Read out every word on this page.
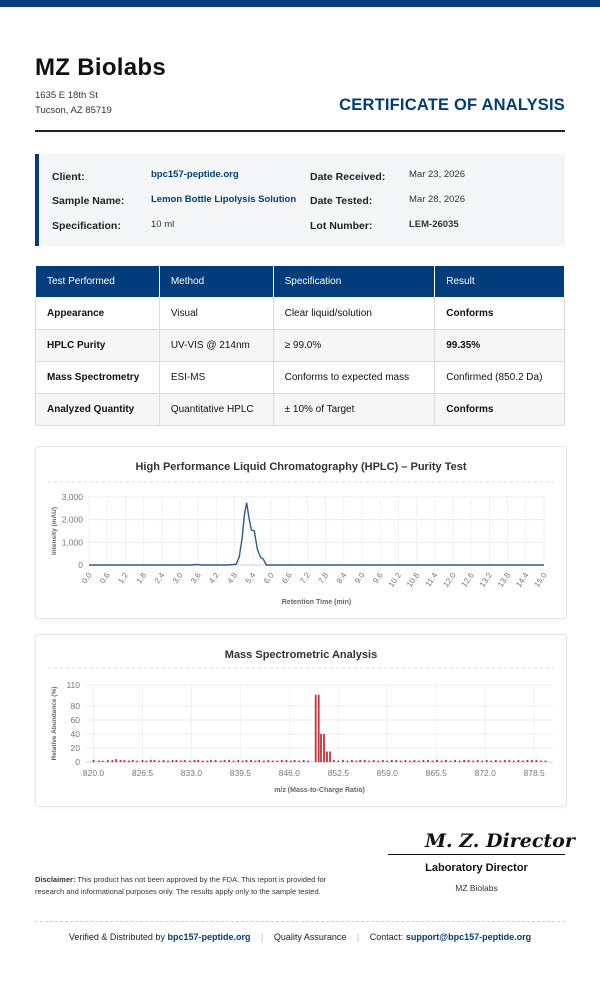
MZ Biolabs
1635 E 18th St
Tucson, AZ 85719	CERTIFICATE OF ANALYSIS
Client:	bpc157-peptide.org
Sample Name:	Lemon Bottle Lipolysis Solution
Specification:	10 ml
Date Received: Mar 23, 2026
Date Tested:	Mar 28, 2026
Lot Number:	LEM-26035
Test Performed	Method	Specification	Result
Appearance	Visual	Clear liquid/solution	Conforms
HPLC Purity	UV-VIS @ 214nm	≥ 99.0%	99.35%
Mass Spectrometry	ESI-MS	Conforms to expected mass	Confirmed (850.2 Da)
Analyzed Quantity	Quantitative HPLC	± 10% of Target	Conforms
High Performance Liquid Chromatography (HPLC) – Purity Test
0
1,000
2,000
3,000
0.0 0.6 1.2 1.8 2.4 3.0 3.6 4.2 4.8 5.4 6.0 6.6 7.2 7.8 8.4 9.0 9.6 10.2 10.8 11.4 12.0 12.6 13.2 13.8 14.4 15.0
Intensity (mAU)
Retention Time (min)
Mass Spectrometric Analysis
0
20
40
60
80
110
820.0	826.5	833.0	839.5	846.0	852.5	859.0	865.5	872.0	878.5
Relative Abundance (%)
m/z (Mass-to-Charge Ratio)
M. Z. Director
Laboratory Director
MZ Biolabs
Disclaimer: This product has not been approved by the FDA. This report is provided for research and informational purposes only. The results apply only to the sample tested.
Verified & Distributed by bpc157-peptide.org | Quality Assurance | Contact: support@bpc157-peptide.org
